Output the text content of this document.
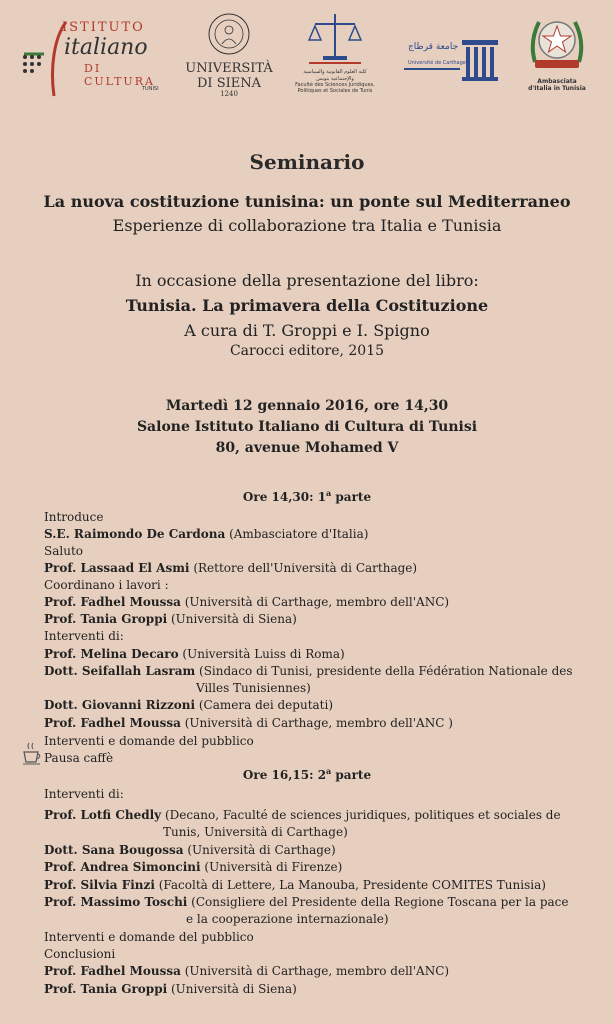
ISTITUTO
italiano
DI CULTURA
TUNISI
UNIVERSITÀ
DI SIENA
1240
كلية العلوم القانونية والسياسية
والإجتماعية بتونس
Faculté des Sciences Juridiques,
Politiques et Sociales de Tunis
جامعة قرطاج
Université de Carthage
Ambasciata d'Italia in Tunisia
Seminario
La nuova costituzione tunisina: un ponte sul Mediterraneo
Esperienze di collaborazione tra Italia e Tunisia
In occasione della presentazione del libro:
Tunisia. La primavera della Costituzione
A cura di T. Groppi e I. Spigno
Carocci editore, 2015
Martedì 12 gennaio 2016, ore 14,30
Salone Istituto Italiano di Cultura di Tunisi
80, avenue Mohamed V
Ore 14,30: 1$^a$ parte
Introduce
S.E. Raimondo De Cardona (Ambasciatore d'Italia)
Saluto
Prof. Lassaad El Asmi (Rettore dell'Università di Carthage)
Coordinano i lavori :
Prof. Fadhel Moussa (Università di Carthage, membro dell'ANC)
Prof. Tania Groppi (Università di Siena)
Interventi di:
Prof. Melina Decaro (Università Luiss di Roma)
Dott. Seifallah Lasram (Sindaco di Tunisi, presidente della Fédération Nationale des
Villes Tunisiennes)
Dott. Giovanni Rizzoni (Camera dei deputati)
Prof. Fadhel Moussa (Università di Carthage, membro dell'ANC )
Interventi e domande del pubblico
Pausa caffè
Ore 16,15: 2$^a$ parte
Interventi di:
Prof. Lotfi Chedly (Decano, Faculté de sciences juridiques, politiques et sociales de
Tunis, Università di Carthage)
Dott. Sana Bougossa (Università di Carthage)
Prof. Andrea Simoncini (Università di Firenze)
Prof. Silvia Finzi (Facoltà di Lettere, La Manouba, Presidente COMITES Tunisia)
Prof. Massimo Toschi (Consigliere del Presidente della Regione Toscana per la pace
e la cooperazione internazionale)
Interventi e domande del pubblico
Conclusioni
Prof. Fadhel Moussa (Università di Carthage, membro dell'ANC)
Prof. Tania Groppi (Università di Siena)
